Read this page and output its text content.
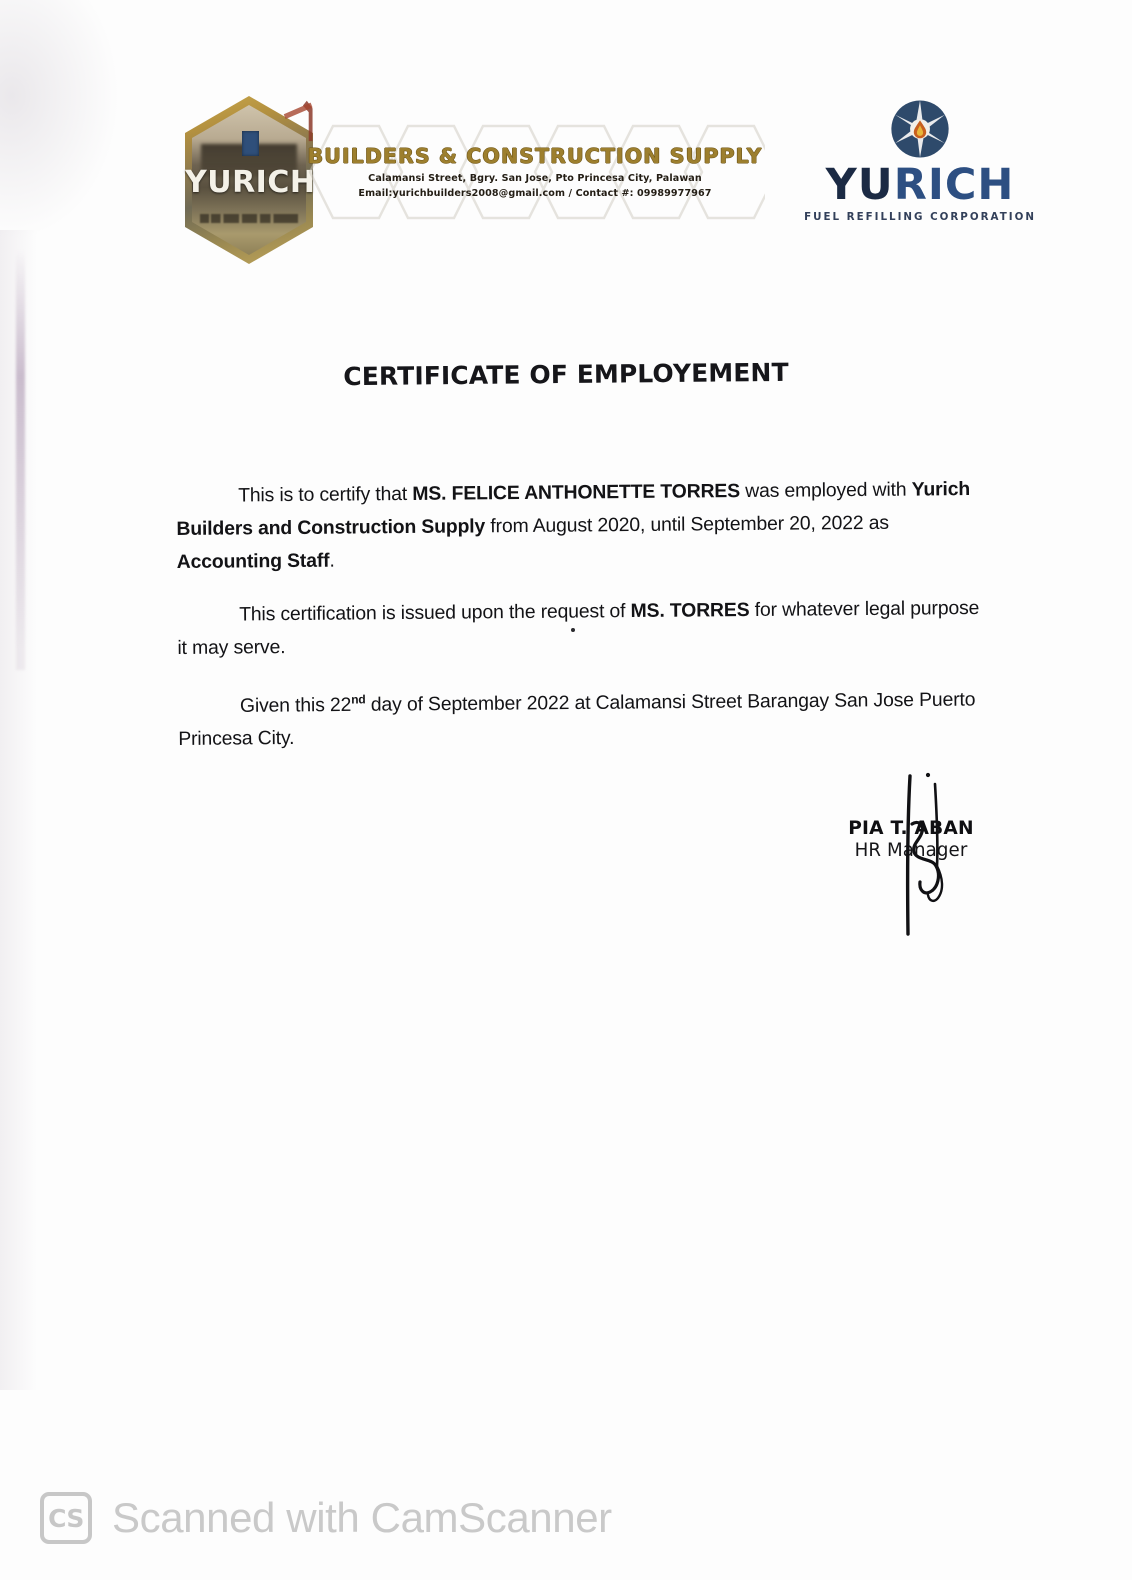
YURICH
BUILDERS & CONSTRUCTION SUPPLY
Calamansi Street, Bgry. San Jose, Pto Princesa City, Palawan
Email:yurichbuilders2008@gmail.com / Contact #: 09989977967	YURICH
FUEL REFILLING CORPORATION
CERTIFICATE OF EMPLOYEMENT

This is to certify that MS. FELICE ANTHONETTE TORRES was employed with Yurich Builders and Construction Supply from August 2020, until September 20, 2022 as Accounting Staff.

This certification is issued upon the request of MS. TORRES for whatever legal purpose it may serve.

Given this 22nd day of September 2022 at Calamansi Street Barangay San Jose Puerto Princesa City.

PIA T. ABAN
HR Manager
CS Scanned with CamScanner
